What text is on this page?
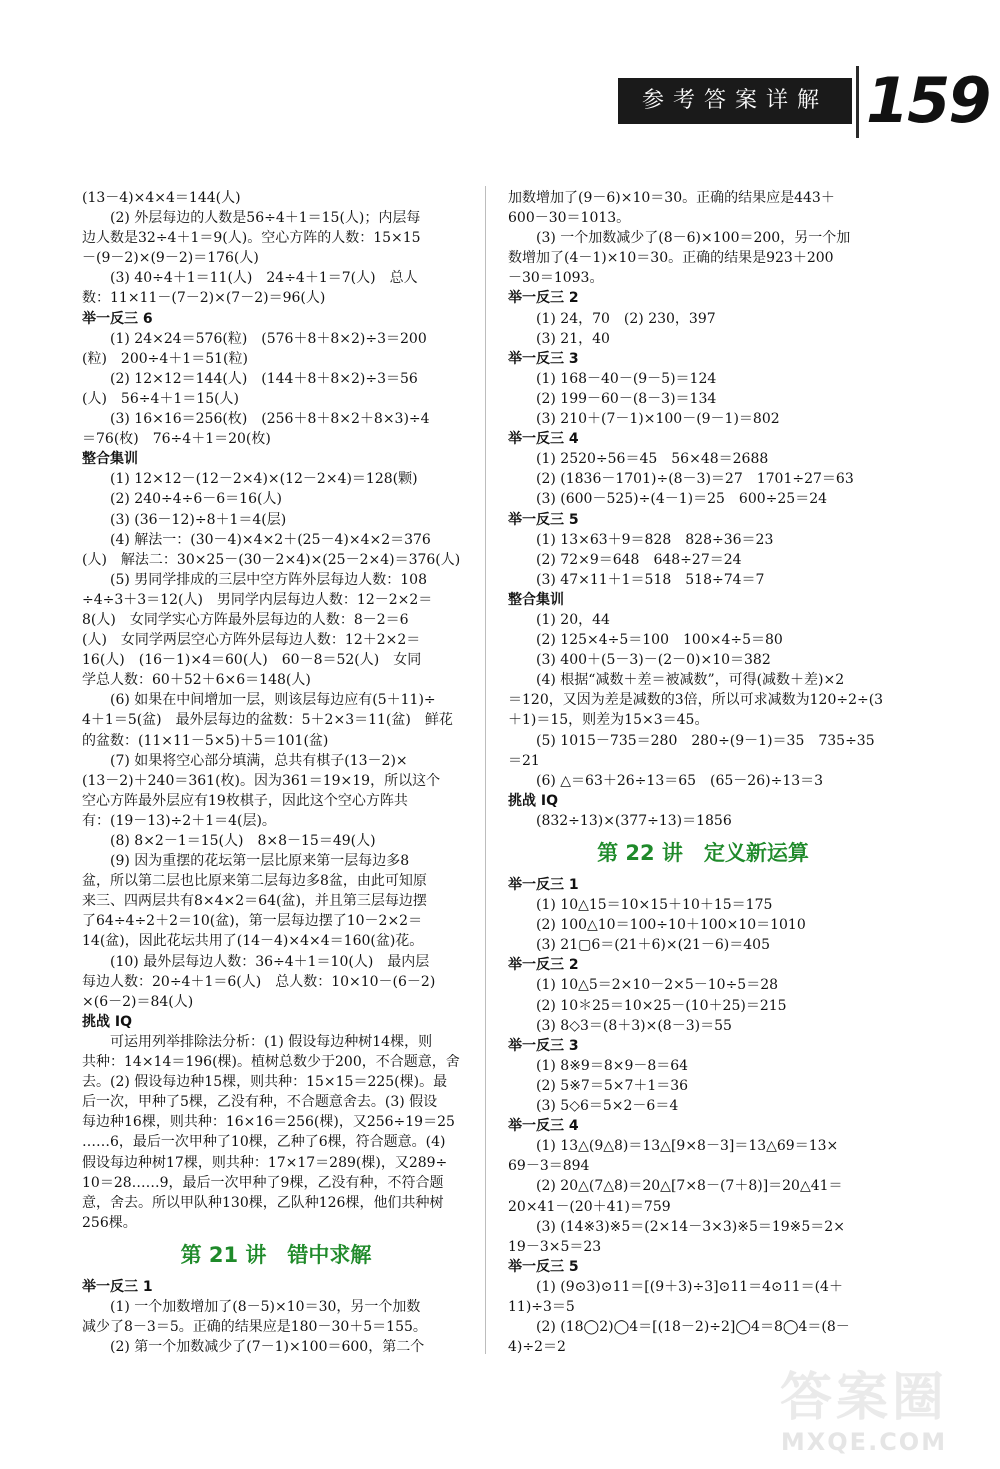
参考答案详解 159
(13－4)×4×4＝144(人)
(2) 外层每边的人数是56÷4＋1＝15(人)；内层每
边人数是32÷4＋1＝9(人)。空心方阵的人数：15×15
－(9－2)×(9－2)＝176(人)
(3) 40÷4＋1＝11(人)　24÷4＋1＝7(人)　总人
数：11×11－(7－2)×(7－2)＝96(人)
举一反三 6
(1) 24×24＝576(粒)　(576＋8＋8×2)÷3＝200
(粒)　200÷4＋1＝51(粒)
(2) 12×12＝144(人)　(144＋8＋8×2)÷3＝56
(人)　56÷4＋1＝15(人)
(3) 16×16＝256(枚)　(256＋8＋8×2＋8×3)÷4
＝76(枚)　76÷4＋1＝20(枚)
整合集训
(1) 12×12－(12－2×4)×(12－2×4)＝128(颗)
(2) 240÷4÷6－6＝16(人)
(3) (36－12)÷8＋1＝4(层)
(4) 解法一：(30－4)×4×2＋(25－4)×4×2＝376
(人)　解法二：30×25－(30－2×4)×(25－2×4)＝376(人)
(5) 男同学排成的三层中空方阵外层每边人数：108
÷4÷3＋3＝12(人)　男同学内层每边人数：12－2×2＝
8(人)　女同学实心方阵最外层每边的人数：8－2＝6
(人)　女同学两层空心方阵外层每边人数：12＋2×2＝
16(人)　(16－1)×4＝60(人)　60－8＝52(人)　女同
学总人数：60＋52＋6×6＝148(人)
(6) 如果在中间增加一层，则该层每边应有(5＋11)÷
4＋1＝5(盆)　最外层每边的盆数：5＋2×3＝11(盆)　鲜花
的盆数：(11×11－5×5)＋5＝101(盆)
(7) 如果将空心部分填满，总共有棋子(13－2)×
(13－2)＋240＝361(枚)。因为361＝19×19，所以这个
空心方阵最外层应有19枚棋子，因此这个空心方阵共
有：(19－13)÷2＋1＝4(层)。
(8) 8×2－1＝15(人)　8×8－15＝49(人)
(9) 因为重摆的花坛第一层比原来第一层每边多8
盆，所以第二层也比原来第二层每边多8盆，由此可知原
来三、四两层共有8×4×2＝64(盆)，并且第三层每边摆
了64÷4÷2＋2＝10(盆)，第一层每边摆了10－2×2＝
14(盆)，因此花坛共用了(14－4)×4×4＝160(盆)花。
(10) 最外层每边人数：36÷4＋1＝10(人)　最内层
每边人数：20÷4＋1＝6(人)　总人数：10×10－(6－2)
×(6－2)＝84(人)
挑战 IQ
可运用列举排除法分析：(1) 假设每边种树14棵，则
共种：14×14＝196(棵)。植树总数少于200，不合题意，舍
去。(2) 假设每边种15棵，则共种：15×15＝225(棵)。最
后一次，甲种了5棵，乙没有种，不合题意舍去。(3) 假设
每边种16棵，则共种：16×16＝256(棵)，又256÷19＝25
……6，最后一次甲种了10棵，乙种了6棵，符合题意。(4)
假设每边种树17棵，则共种：17×17＝289(棵)，又289÷
10＝28……9，最后一次甲种了9棵，乙没有种，不符合题
意，舍去。所以甲队种130棵，乙队种126棵，他们共种树
256棵。
第 21 讲　错中求解
举一反三 1
(1) 一个加数增加了(8－5)×10＝30，另一个加数
减少了8－3＝5。正确的结果应是180－30＋5＝155。
(2) 第一个加数减少了(7－1)×100＝600，第二个
加数增加了(9－6)×10＝30。正确的结果应是443＋
600－30＝1013。
(3) 一个加数减少了(8－6)×100＝200，另一个加
数增加了(4－1)×10＝30。正确的结果是923＋200
－30＝1093。
举一反三 2
(1) 24，70　(2) 230，397
(3) 21，40
举一反三 3
(1) 168－40－(9－5)＝124
(2) 199－60－(8－3)＝134
(3) 210＋(7－1)×100－(9－1)＝802
举一反三 4
(1) 2520÷56＝45　56×48＝2688
(2) (1836－1701)÷(8－3)＝27　1701÷27＝63
(3) (600－525)÷(4－1)＝25　600÷25＝24
举一反三 5
(1) 13×63＋9＝828　828÷36＝23
(2) 72×9＝648　648÷27＝24
(3) 47×11＋1＝518　518÷74＝7
整合集训
(1) 20，44
(2) 125×4÷5＝100　100×4÷5＝80
(3) 400＋(5－3)－(2－0)×10＝382
(4) 根据“减数＋差＝被减数”，可得(减数＋差)×2
＝120，又因为差是减数的3倍，所以可求减数为120÷2÷(3
＋1)＝15，则差为15×3＝45。
(5) 1015－735＝280　280÷(9－1)＝35　735÷35
＝21
(6) △＝63＋26÷13＝65　(65－26)÷13＝3
挑战 IQ
(832÷13)×(377÷13)＝1856
第 22 讲　定义新运算
举一反三 1
(1) 10△15＝10×15＋10＋15＝175
(2) 100△10＝100÷10＋100×10＝1010
(3) 21▢6＝(21＋6)×(21－6)＝405
举一反三 2
(1) 10△5＝2×10－2×5－10÷5＝28
(2) 10＊25＝10×25－(10＋25)＝215
(3) 8◇3＝(8＋3)×(8－3)＝55
举一反三 3
(1) 8※9＝8×9－8＝64
(2) 5※7＝5×7＋1＝36
(3) 5◇6＝5×2－6＝4
举一反三 4
(1) 13△(9△8)＝13△[9×8－3]＝13△69＝13×
69－3＝894
(2) 20△(7△8)＝20△[7×8－(7＋8)]＝20△41＝
20×41－(20＋41)＝759
(3) (14※3)※5＝(2×14－3×3)※5＝19※5＝2×
19－3×5＝23
举一反三 5
(1) (9⊙3)⊙11＝[(9＋3)÷3]⊙11＝4⊙11＝(4＋
11)÷3＝5
(2) (18◯2)◯4＝[(18－2)÷2]◯4＝8◯4＝(8－
4)÷2＝2
答案圈
MXQE.COM
